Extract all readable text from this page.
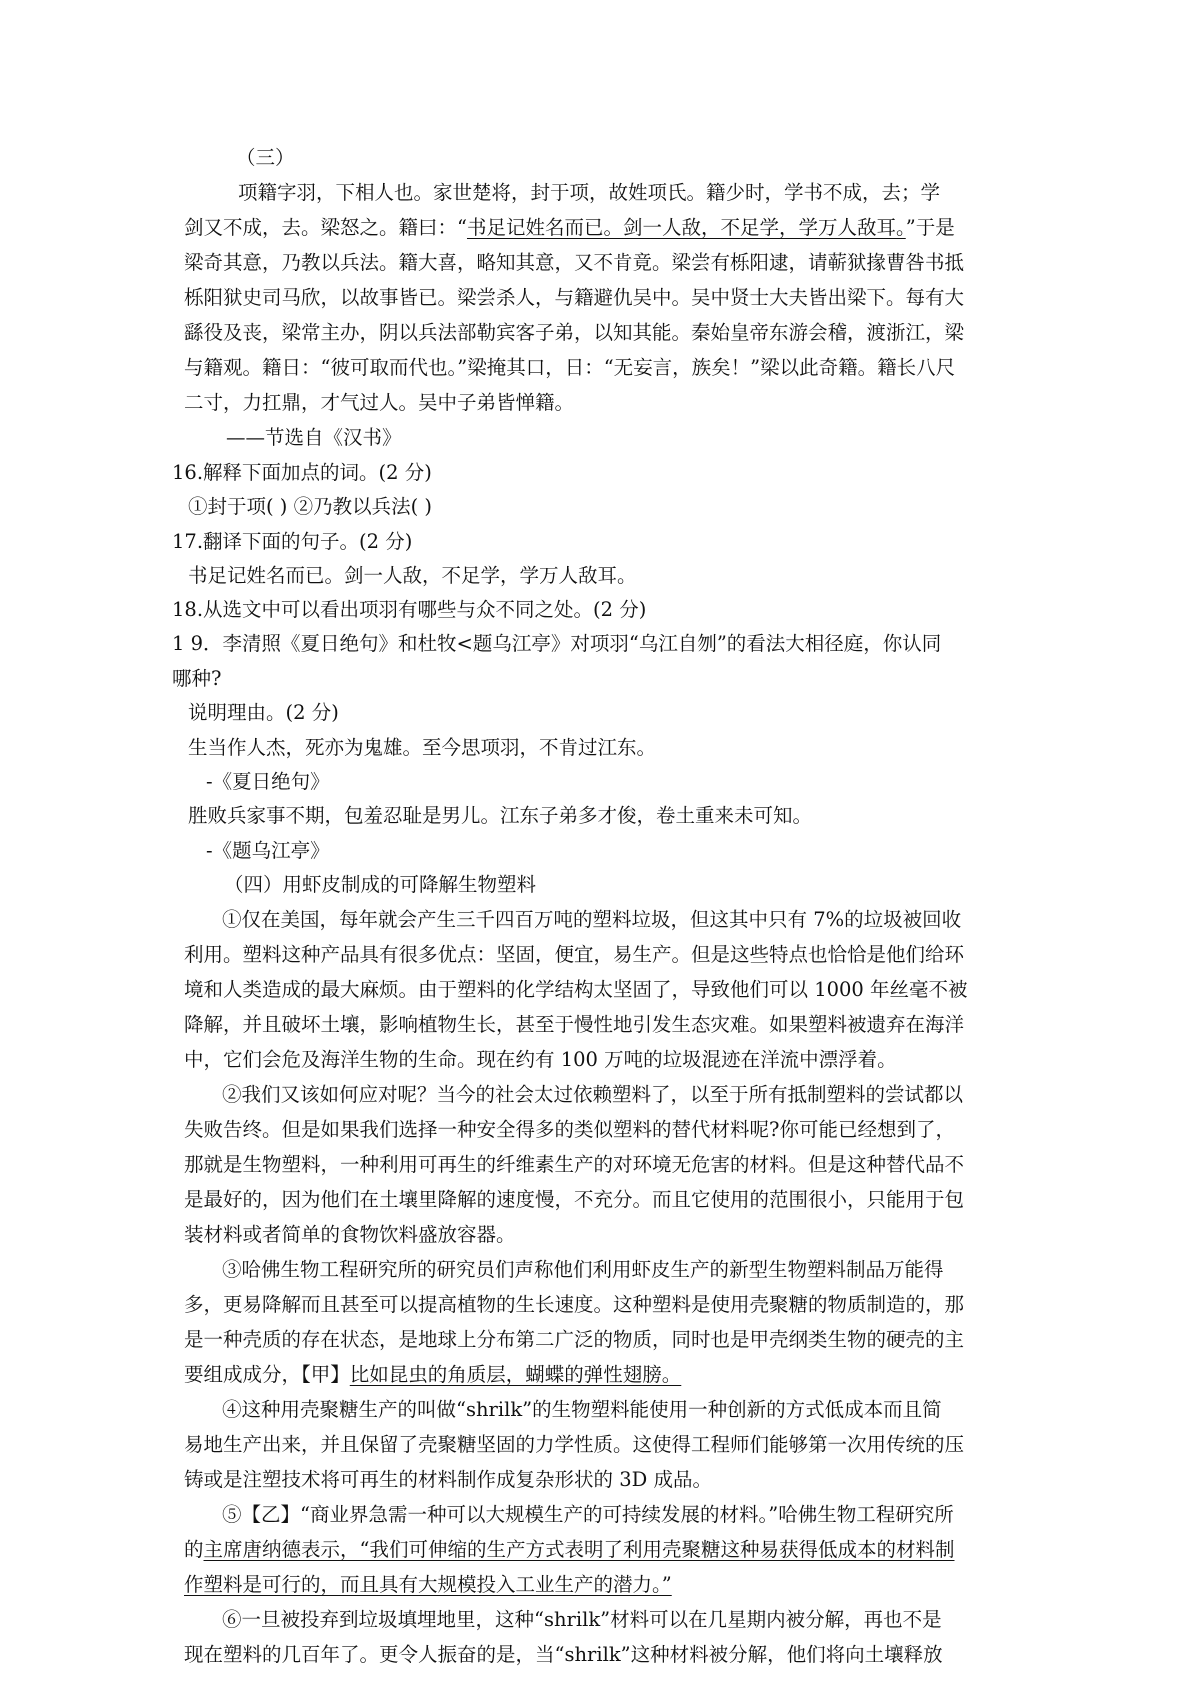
（三）
项籍字羽，下相人也。家世楚将，封于项，故姓项氏。籍少时，学书不成，去；学
剑又不成，去。梁怒之。籍曰：“书足记姓名而已。剑一人敌，不足学，学万人敌耳。”于是
梁奇其意，乃教以兵法。籍大喜，略知其意，又不肯竟。梁尝有栎阳逮，请蕲狱掾曹咎书抵
栎阳狱史司马欣，以故事皆已。梁尝杀人，与籍避仇吴中。吴中贤士大夫皆出梁下。每有大
繇役及丧，梁常主办，阴以兵法部勒宾客子弟，以知其能。秦始皇帝东游会稽，渡浙江，梁
与籍观。籍日：“彼可取而代也。”梁掩其口，日：“无妄言，族矣！”梁以此奇籍。籍长八尺
二寸，力扛鼎，才气过人。吴中子弟皆惮籍。
——节选自《汉书》
16.解释下面加点的词。(2 分)
①封于项( ) ②乃教以兵法( )
17.翻译下面的句子。(2 分)
书足记姓名而已。剑一人敌，不足学，学万人敌耳。
18.从选文中可以看出项羽有哪些与众不同之处。(2 分)
1 9．李清照《夏日绝句》和杜牧<题乌江亭》对项羽“乌江自刎”的看法大相径庭，你认同
哪种?
说明理由。(2 分)
生当作人杰，死亦为鬼雄。至今思项羽，不肯过江东。
-《夏日绝句》
胜败兵家事不期，包羞忍耻是男儿。江东子弟多才俊，卷土重来未可知。
-《题乌江亭》
（四）用虾皮制成的可降解生物塑料
①仅在美国，每年就会产生三千四百万吨的塑料垃圾，但这其中只有 7%的垃圾被回收
利用。塑料这种产品具有很多优点：坚固，便宜，易生产。但是这些特点也恰恰是他们给环
境和人类造成的最大麻烦。由于塑料的化学结构太坚固了，导致他们可以 1000 年丝毫不被
降解，并且破坏土壤，影响植物生长，甚至于慢性地引发生态灾难。如果塑料被遗弃在海洋
中，它们会危及海洋生物的生命。现在约有 100 万吨的垃圾混迹在洋流中漂浮着。
②我们又该如何应对呢？当今的社会太过依赖塑料了，以至于所有抵制塑料的尝试都以
失败告终。但是如果我们选择一种安全得多的类似塑料的替代材料呢?你可能已经想到了，
那就是生物塑料，一种利用可再生的纤维素生产的对环境无危害的材料。但是这种替代品不
是最好的，因为他们在土壤里降解的速度慢，不充分。而且它使用的范围很小，只能用于包
装材料或者简单的食物饮料盛放容器。
③哈佛生物工程研究所的研究员们声称他们利用虾皮生产的新型生物塑料制品万能得
多，更易降解而且甚至可以提高植物的生长速度。这种塑料是使用壳聚糖的物质制造的，那
是一种壳质的存在状态，是地球上分布第二广泛的物质，同时也是甲壳纲类生物的硬壳的主
要组成成分，【甲】比如昆虫的角质层，蝴蝶的弹性翅膀。
④这种用壳聚糖生产的叫做“shrilk”的生物塑料能使用一种创新的方式低成本而且简
易地生产出来，并且保留了壳聚糖坚固的力学性质。这使得工程师们能够第一次用传统的压
铸或是注塑技术将可再生的材料制作成复杂形状的 3D 成品。
⑤【乙】“商业界急需一种可以大规模生产的可持续发展的材料。”哈佛生物工程研究所
的主席唐纳德表示，“我们可伸缩的生产方式表明了利用壳聚糖这种易获得低成本的材料制
作塑料是可行的，而且具有大规模投入工业生产的潜力。”
⑥一旦被投弃到垃圾填埋地里，这种“shrilk”材料可以在几星期内被分解，再也不是
现在塑料的几百年了。更令人振奋的是，当“shrilk”这种材料被分解，他们将向土壤释放
